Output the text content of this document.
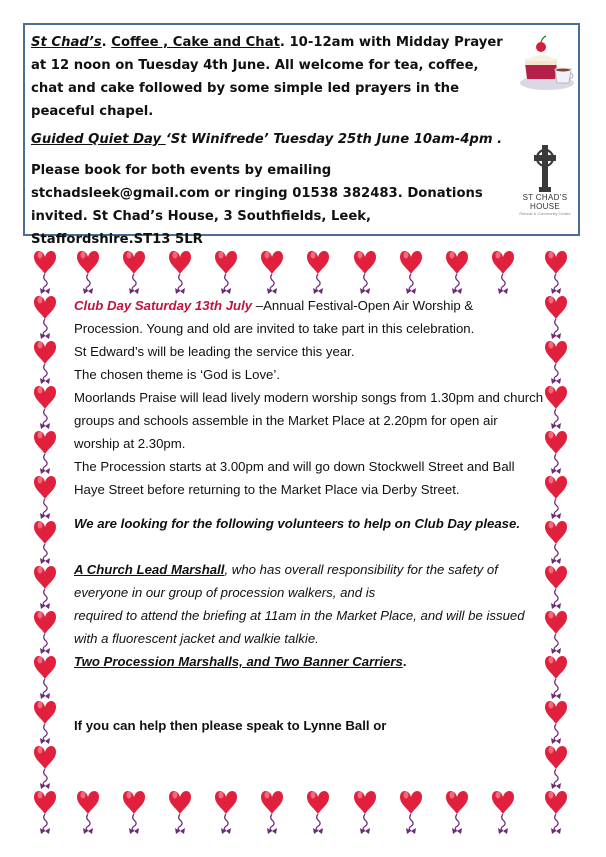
St Chad’s. Coffee , Cake and Chat. 10-12am with Midday Prayer at 12 noon on Tuesday 4th June. All welcome for tea, coffee, chat and cake followed by some simple led prayers in the peaceful chapel.

Guided Quiet Day ‘St Winifrede’ Tuesday 25th June 10am-4pm .

Please book for both events by emailing stchadsleek@gmail.com or ringing 01538 382483. Donations invited. St Chad’s House, 3 Southfields, Leek, Staffordshire.ST13 5LR

ST CHAD’S
HOUSE
Retreat & Community Centre

Club Day Saturday 13th July –Annual Festival-Open Air Worship & Procession. Young and old are invited to take part in this celebration.

St Edward’s will be leading the service this year.

The chosen theme is ‘God is Love’.

Moorlands Praise will lead lively modern worship songs from 1.30pm and church groups and schools assemble in the Market Place at 2.20pm for open air worship at 2.30pm.

The Procession starts at 3.00pm and will go down Stockwell Street and Ball Haye Street before returning to the Market Place via Derby Street.

We are looking for the following volunteers to help on Club Day please.

A Church Lead Marshall, who has overall responsibility for the safety of everyone in our group of procession walkers, and is

required to attend the briefing at 11am in the Market Place, and will be issued with a fluorescent jacket and walkie talkie.

Two Procession Marshalls, and Two Banner Carriers.

If you can help then please speak to Lynne Ball or
